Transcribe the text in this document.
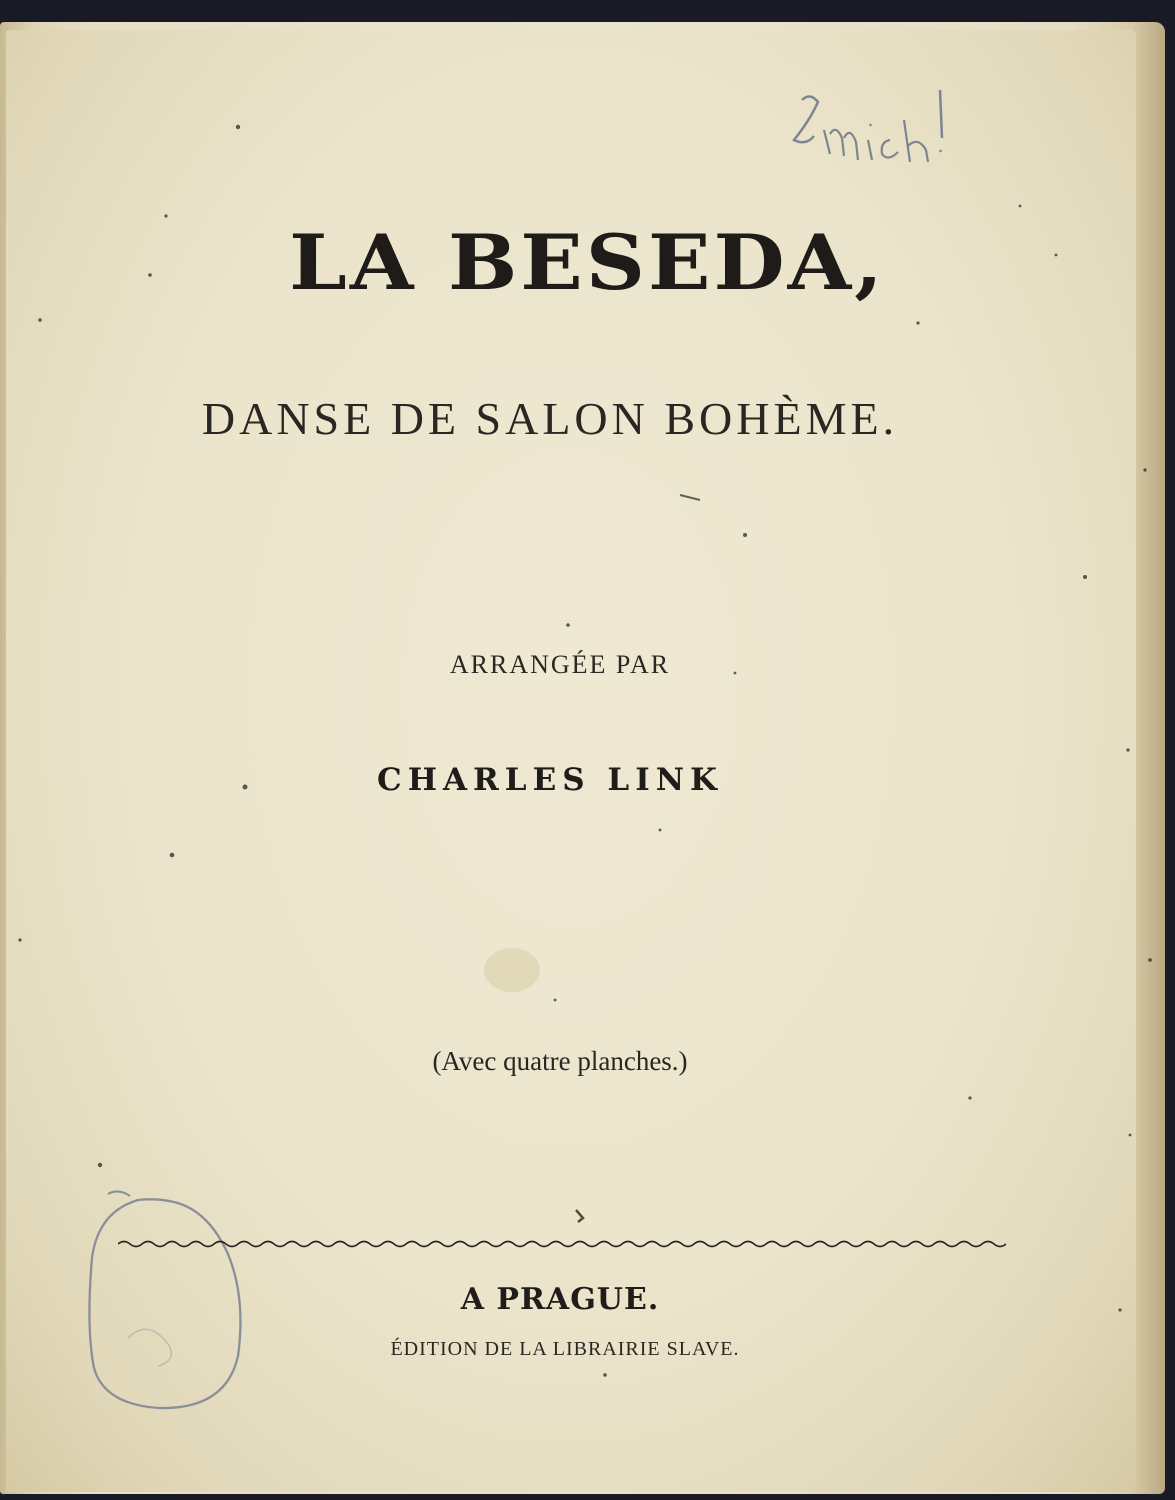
LA BESEDA,
DANSE DE SALON BOHÈME.
ARRANGÉE PAR
CHARLES LINK
(Avec quatre planches.)
A PRAGUE.
ÉDITION DE LA LIBRAIRIE SLAVE.
